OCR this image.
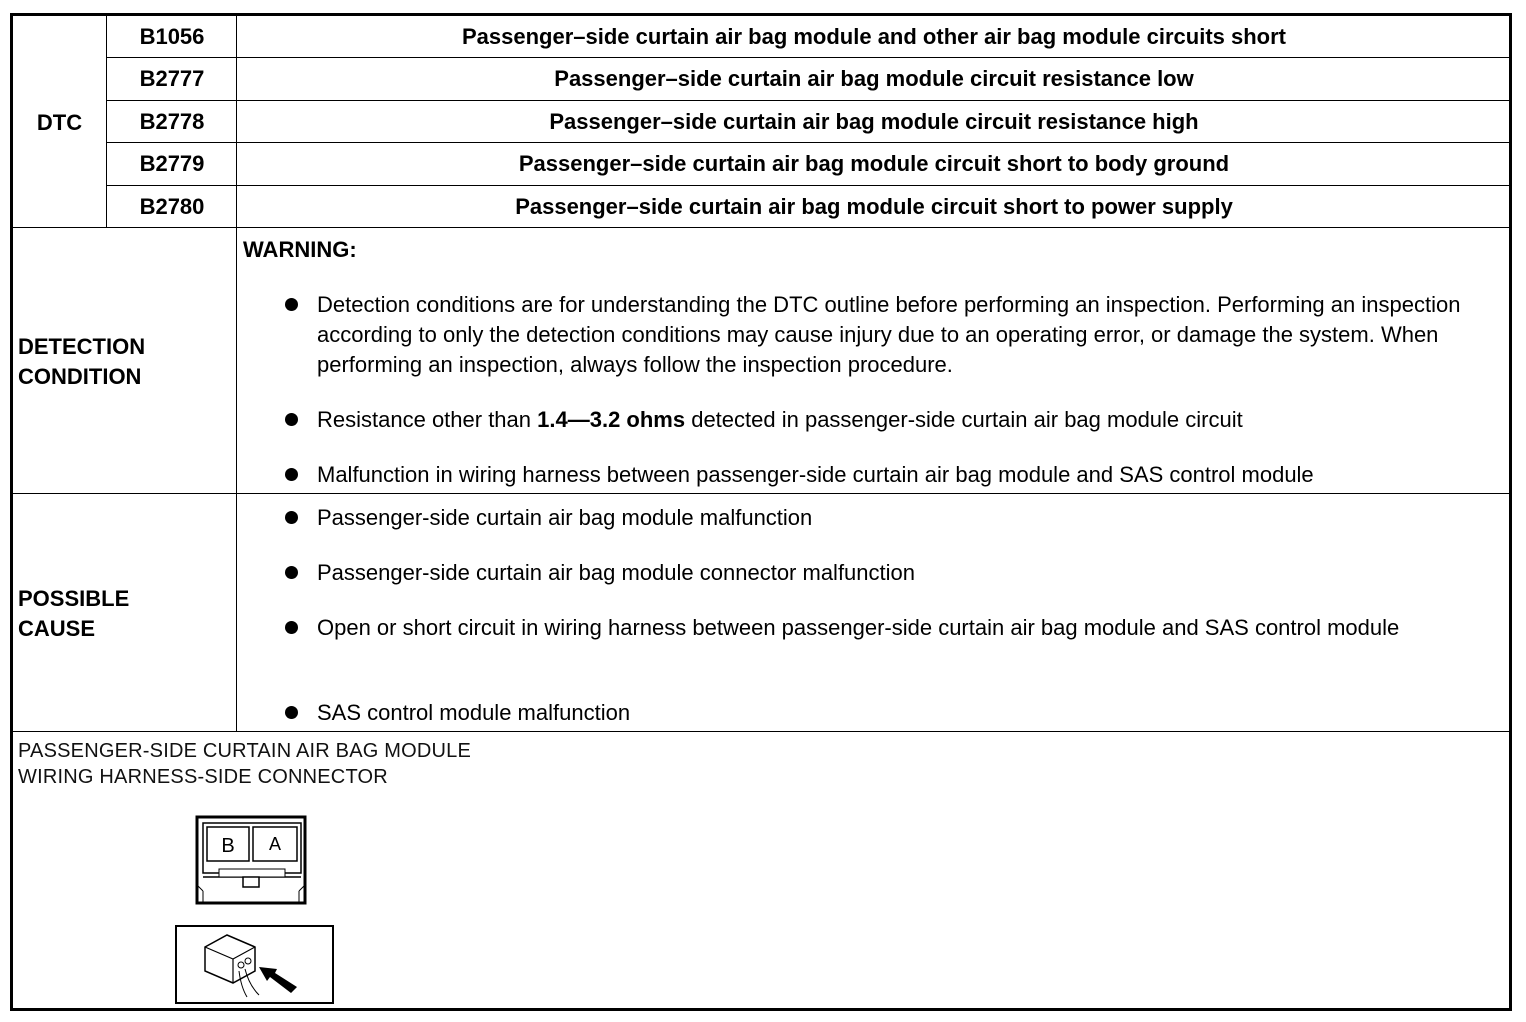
DTC
B1056	Passenger–side curtain air bag module and other air bag module circuits short
B2777	Passenger–side curtain air bag module circuit resistance low
B2778	Passenger–side curtain air bag module circuit resistance high
B2779	Passenger–side curtain air bag module circuit short to body ground
B2780	Passenger–side curtain air bag module circuit short to power supply
DETECTION
CONDITION
WARNING:
Detection conditions are for understanding the DTC outline before performing an inspection. Performing an inspection according to only the detection conditions may cause injury due to an operating error, or damage the system. When performing an inspection, always follow the inspection procedure.
Resistance other than 1.4—3.2 ohms detected in passenger-side curtain air bag module circuit
Malfunction in wiring harness between passenger-side curtain air bag module and SAS control module
POSSIBLE
CAUSE
Passenger-side curtain air bag module malfunction
Passenger-side curtain air bag module connector malfunction
Open or short circuit in wiring harness between passenger-side curtain air bag module and SAS control module
SAS control module malfunction
PASSENGER-SIDE CURTAIN AIR BAG MODULE
WIRING HARNESS-SIDE CONNECTOR
B A
